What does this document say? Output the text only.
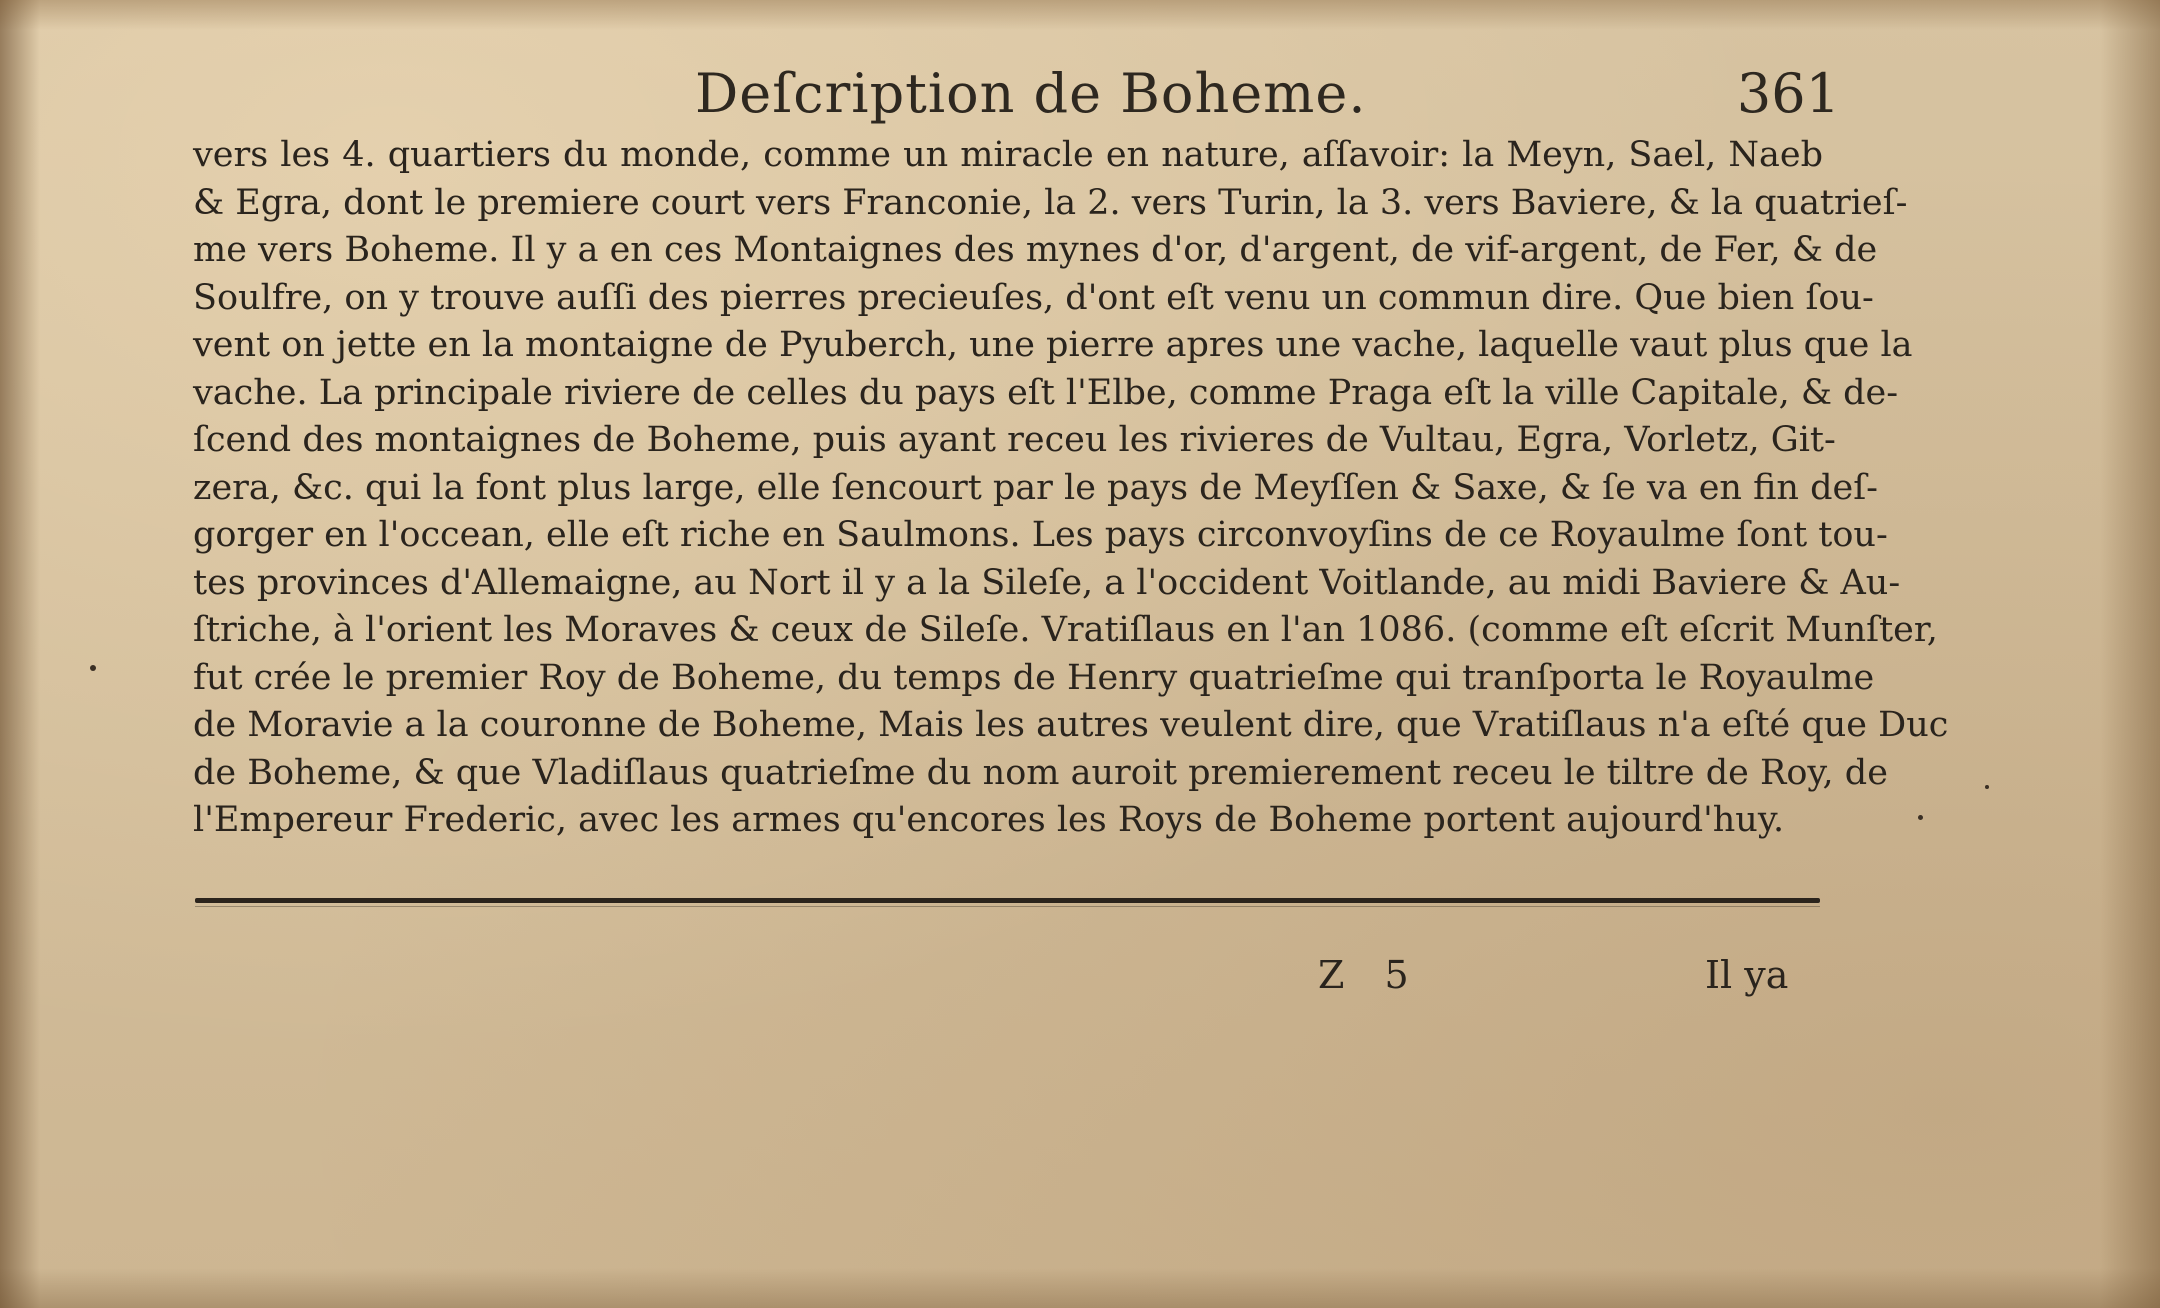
Deſcription de Boheme.	361

vers les 4. quartiers du monde, comme un miracle en nature, aſſavoir: la Meyn, Sael, Naeb
& Egra, dont le premiere court vers Franconie, la 2. vers Turin, la 3. vers Baviere, & la quatrieſ-
me vers Boheme. Il y a en ces Montaignes des mynes d'or, d'argent, de vif-argent, de Fer, & de
Soulfre, on y trouve auſſi des pierres precieuſes, d'ont eſt venu un commun dire. Que bien ſou-
vent on jette en la montaigne de Pyuberch, une pierre apres une vache, laquelle vaut plus que la
vache. La principale riviere de celles du pays eſt l'Elbe, comme Praga eſt la ville Capitale, & de-
ſcend des montaignes de Boheme, puis ayant receu les rivieres de Vultau, Egra, Vorletz, Git-
zera, &c. qui la font plus large, elle ſencourt par le pays de Meyſſen & Saxe, & ſe va en fin deſ-
gorger en l'occean, elle eſt riche en Saulmons. Les pays circonvoyſins de ce Royaulme ſont tou-
tes provinces d'Allemaigne, au Nort il y a la Sileſe, a l'occident Voitlande, au midi Baviere & Au-
ſtriche, à l'orient les Moraves & ceux de Sileſe. Vratiſlaus en l'an 1086. (comme eſt eſcrit Munſter,
fut crée le premier Roy de Boheme, du temps de Henry quatrieſme qui tranſporta le Royaulme
de Moravie a la couronne de Boheme, Mais les autres veulent dire, que Vratiſlaus n'a eſté que Duc
de Boheme, & que Vladiſlaus quatrieſme du nom auroit premierement receu le tiltre de Roy, de
l'Empereur Frederic, avec les armes qu'encores les Roys de Boheme portent aujourd'huy.

Z 5	Il ya
